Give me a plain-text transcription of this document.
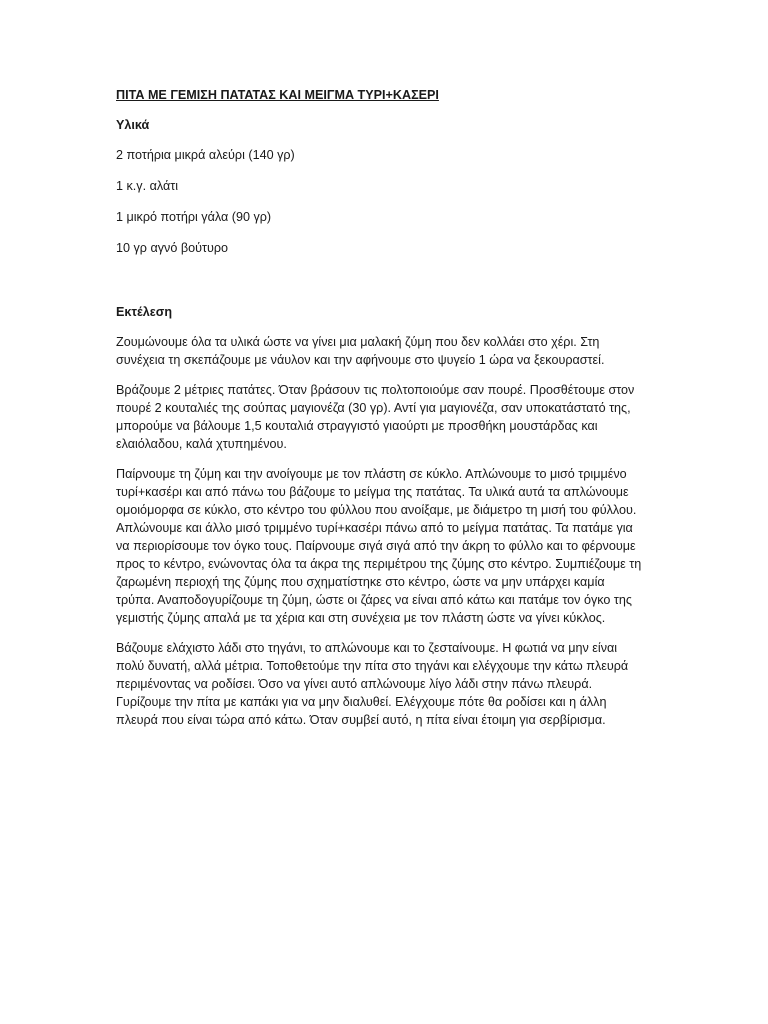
ΠΙΤΑ ΜΕ ΓΕΜΙΣΗ ΠΑΤΑΤΑΣ ΚΑΙ ΜΕΙΓΜΑ ΤΥΡΙ+ΚΑΣΕΡΙ

Υλικά

2 ποτήρια μικρά αλεύρι (140 γρ)
1 κ.γ. αλάτι
1 μικρό ποτήρι γάλα (90 γρ)
10 γρ αγνό βούτυρο

Εκτέλεση

Ζουμώνουμε όλα τα υλικά ώστε να γίνει μια μαλακή ζύμη που δεν κολλάει στο χέρι. Στη συνέχεια τη σκεπάζουμε με νάυλον και την αφήνουμε στο ψυγείο 1 ώρα να ξεκουραστεί.

Βράζουμε 2 μέτριες πατάτες. Όταν βράσουν τις πολτοποιούμε σαν πουρέ. Προσθέτουμε στον πουρέ 2 κουταλιές της σούπας μαγιονέζα (30 γρ). Αντί για μαγιονέζα, σαν υποκατάστατό της, μπορούμε να βάλουμε 1,5 κουταλιά στραγγιστό γιαούρτι με προσθήκη μουστάρδας και ελαιόλαδου, καλά χτυπημένου.

Παίρνουμε τη ζύμη και την ανοίγουμε με τον πλάστη σε κύκλο. Απλώνουμε το μισό τριμμένο τυρί+κασέρι και από πάνω του βάζουμε το μείγμα της πατάτας. Τα υλικά αυτά τα απλώνουμε ομοιόμορφα σε κύκλο, στο κέντρο του φύλλου που ανοίξαμε, με διάμετρο τη μισή του φύλλου. Απλώνουμε και άλλο μισό τριμμένο τυρί+κασέρι πάνω από το μείγμα πατάτας. Τα πατάμε για να περιορίσουμε τον όγκο τους. Παίρνουμε σιγά σιγά από την άκρη το φύλλο και το φέρνουμε προς το κέντρο, ενώνοντας όλα τα άκρα της περιμέτρου της ζύμης στο κέντρο. Συμπιέζουμε τη ζαρωμένη περιοχή της ζύμης που σχηματίστηκε στο κέντρο, ώστε να μην υπάρχει καμία τρύπα. Αναποδογυρίζουμε τη ζύμη, ώστε οι ζάρες να είναι από κάτω και πατάμε τον όγκο της γεμιστής ζύμης απαλά με τα χέρια και στη συνέχεια με τον πλάστη ώστε να γίνει κύκλος.

Βάζουμε ελάχιστο λάδι στο τηγάνι, το απλώνουμε και το ζεσταίνουμε. Η φωτιά να μην είναι πολύ δυνατή, αλλά μέτρια. Τοποθετούμε την πίτα στο τηγάνι και ελέγχουμε την κάτω πλευρά περιμένοντας να ροδίσει. Όσο να γίνει αυτό απλώνουμε λίγο λάδι στην πάνω πλευρά. Γυρίζουμε την πίτα με καπάκι για να μην διαλυθεί. Ελέγχουμε πότε θα ροδίσει και η άλλη πλευρά που είναι τώρα από κάτω. Όταν συμβεί αυτό, η πίτα είναι έτοιμη για σερβίρισμα.
